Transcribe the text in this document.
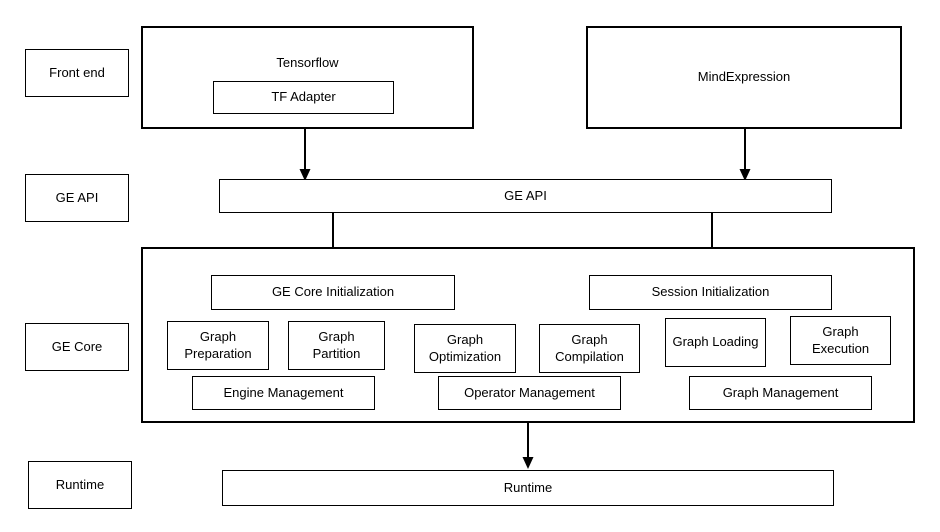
Front end
GE API
GE Core
Runtime
Tensorflow
TF Adapter
MindExpression
GE API
GE Core Initialization	Session Initialization
Graph Preparation
Graph Partition
Graph Optimization
Graph Compilation
Graph Loading
Graph Execution
Engine Management	Operator Management	Graph Management
Runtime
